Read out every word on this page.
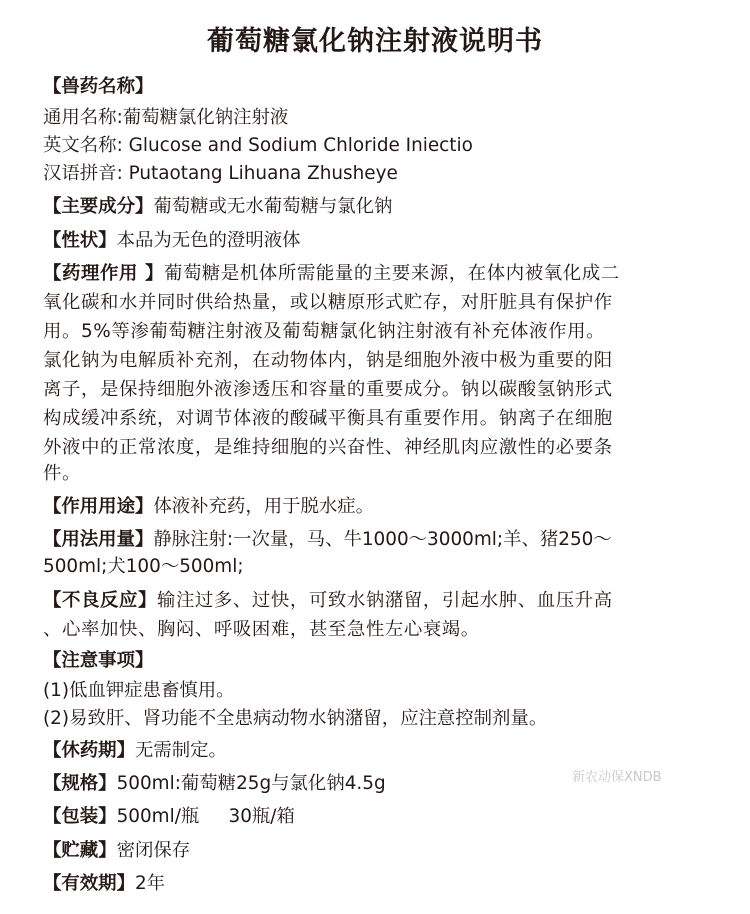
葡萄糖氯化钠注射液说明书
【兽药名称】
通用名称:葡萄糖氯化钠注射液
英文名称: Glucose and Sodium Chloride Iniectio
汉语拼音: Putaotang Lihuana Zhusheye
【主要成分】葡萄糖或无水葡萄糖与氯化钠
【性状】本品为无色的澄明液体
【药理作用 】葡萄糖是机体所需能量的主要来源，在体内被氧化成二
氧化碳和水并同时供给热量，或以糖原形式贮存，对肝脏具有保护作
用。5%等渗葡萄糖注射液及葡萄糖氯化钠注射液有补充体液作用。
氯化钠为电解质补充剂，在动物体内，钠是细胞外液中极为重要的阳
离子，是保持细胞外液渗透压和容量的重要成分。钠以碳酸氢钠形式
构成缓冲系统，对调节体液的酸碱平衡具有重要作用。钠离子在细胞
外液中的正常浓度，是维持细胞的兴奋性、神经肌肉应激性的必要条
件。
【作用用途】体液补充药，用于脱水症。
【用法用量】静脉注射:一次量，马、牛1000～3000ml;羊、猪250～
500ml;犬100～500ml;
【不良反应】输注过多、过快，可致水钠潴留，引起水肿、血压升高
、心率加快、胸闷、呼吸困难，甚至急性左心衰竭。
【注意事项】
(1)低血钾症患畜慎用。
(2)易致肝、肾功能不全患病动物水钠潴留，应注意控制剂量。
【休药期】无需制定。
【规格】500ml:葡萄糖25g与氯化钠4.5g
【包装】500ml/瓶     30瓶/箱
【贮藏】密闭保存
【有效期】2年
新农动保XNDB
